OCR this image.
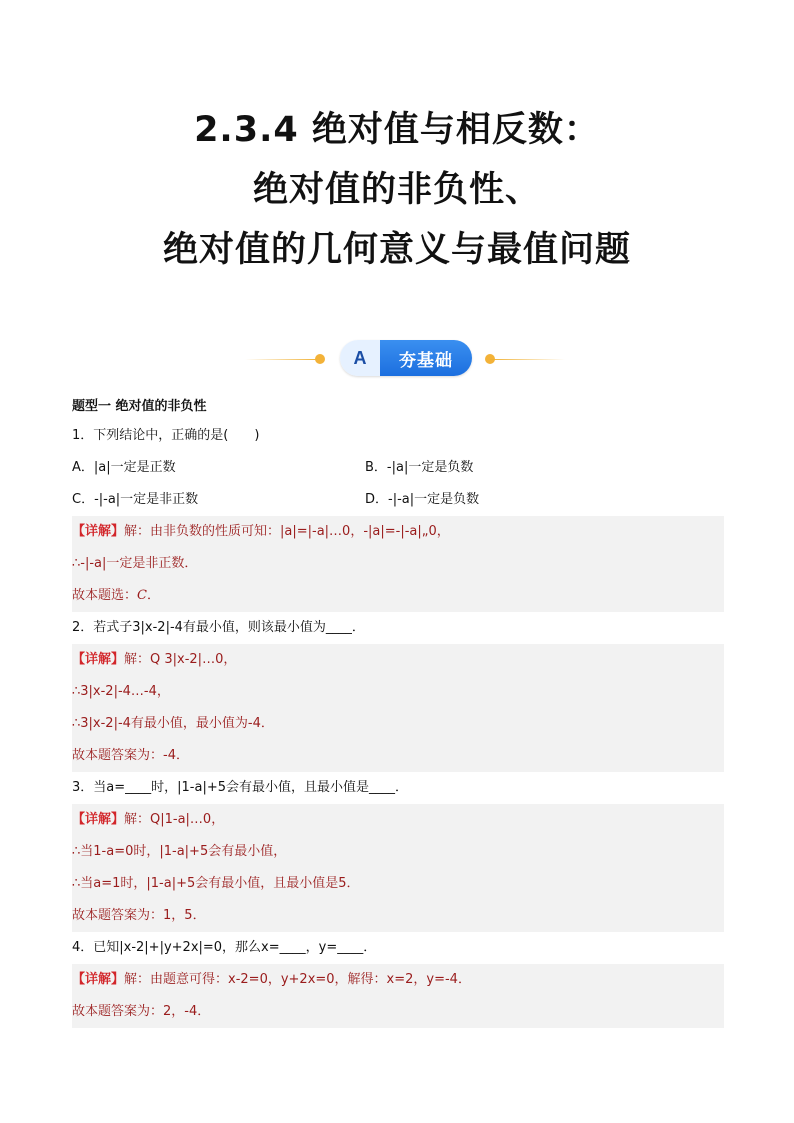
2.3.4 绝对值与相反数：
绝对值的非负性、
绝对值的几何意义与最值问题
A	夯基础
题型一 绝对值的非负性
1．下列结论中，正确的是(　　)
A．|a|一定是正数	B．-|a|一定是负数
C．-|-a|一定是非正数	D．-|-a|一定是负数
【详解】解：由非负数的性质可知：|a|=|-a|…0，-|a|=-|-a|„0，
∴-|-a|一定是非正数．
故本题选：C．
2．若式子3|x-2|-4有最小值，则该最小值为____．
【详解】解：Q 3|x-2|…0，
∴3|x-2|-4…-4，
∴3|x-2|-4有最小值，最小值为-4．
故本题答案为：-4．
3．当a=____时，|1-a|+5会有最小值，且最小值是____．
【详解】解：Q|1-a|…0，
∴当1-a=0时，|1-a|+5会有最小值，
∴当a=1时，|1-a|+5会有最小值，且最小值是5．
故本题答案为：1，5．
4．已知|x-2|+|y+2x|=0，那么x=____，y=____．
【详解】解：由题意可得：x-2=0，y+2x=0，解得：x=2，y=-4．
故本题答案为：2，-4．
